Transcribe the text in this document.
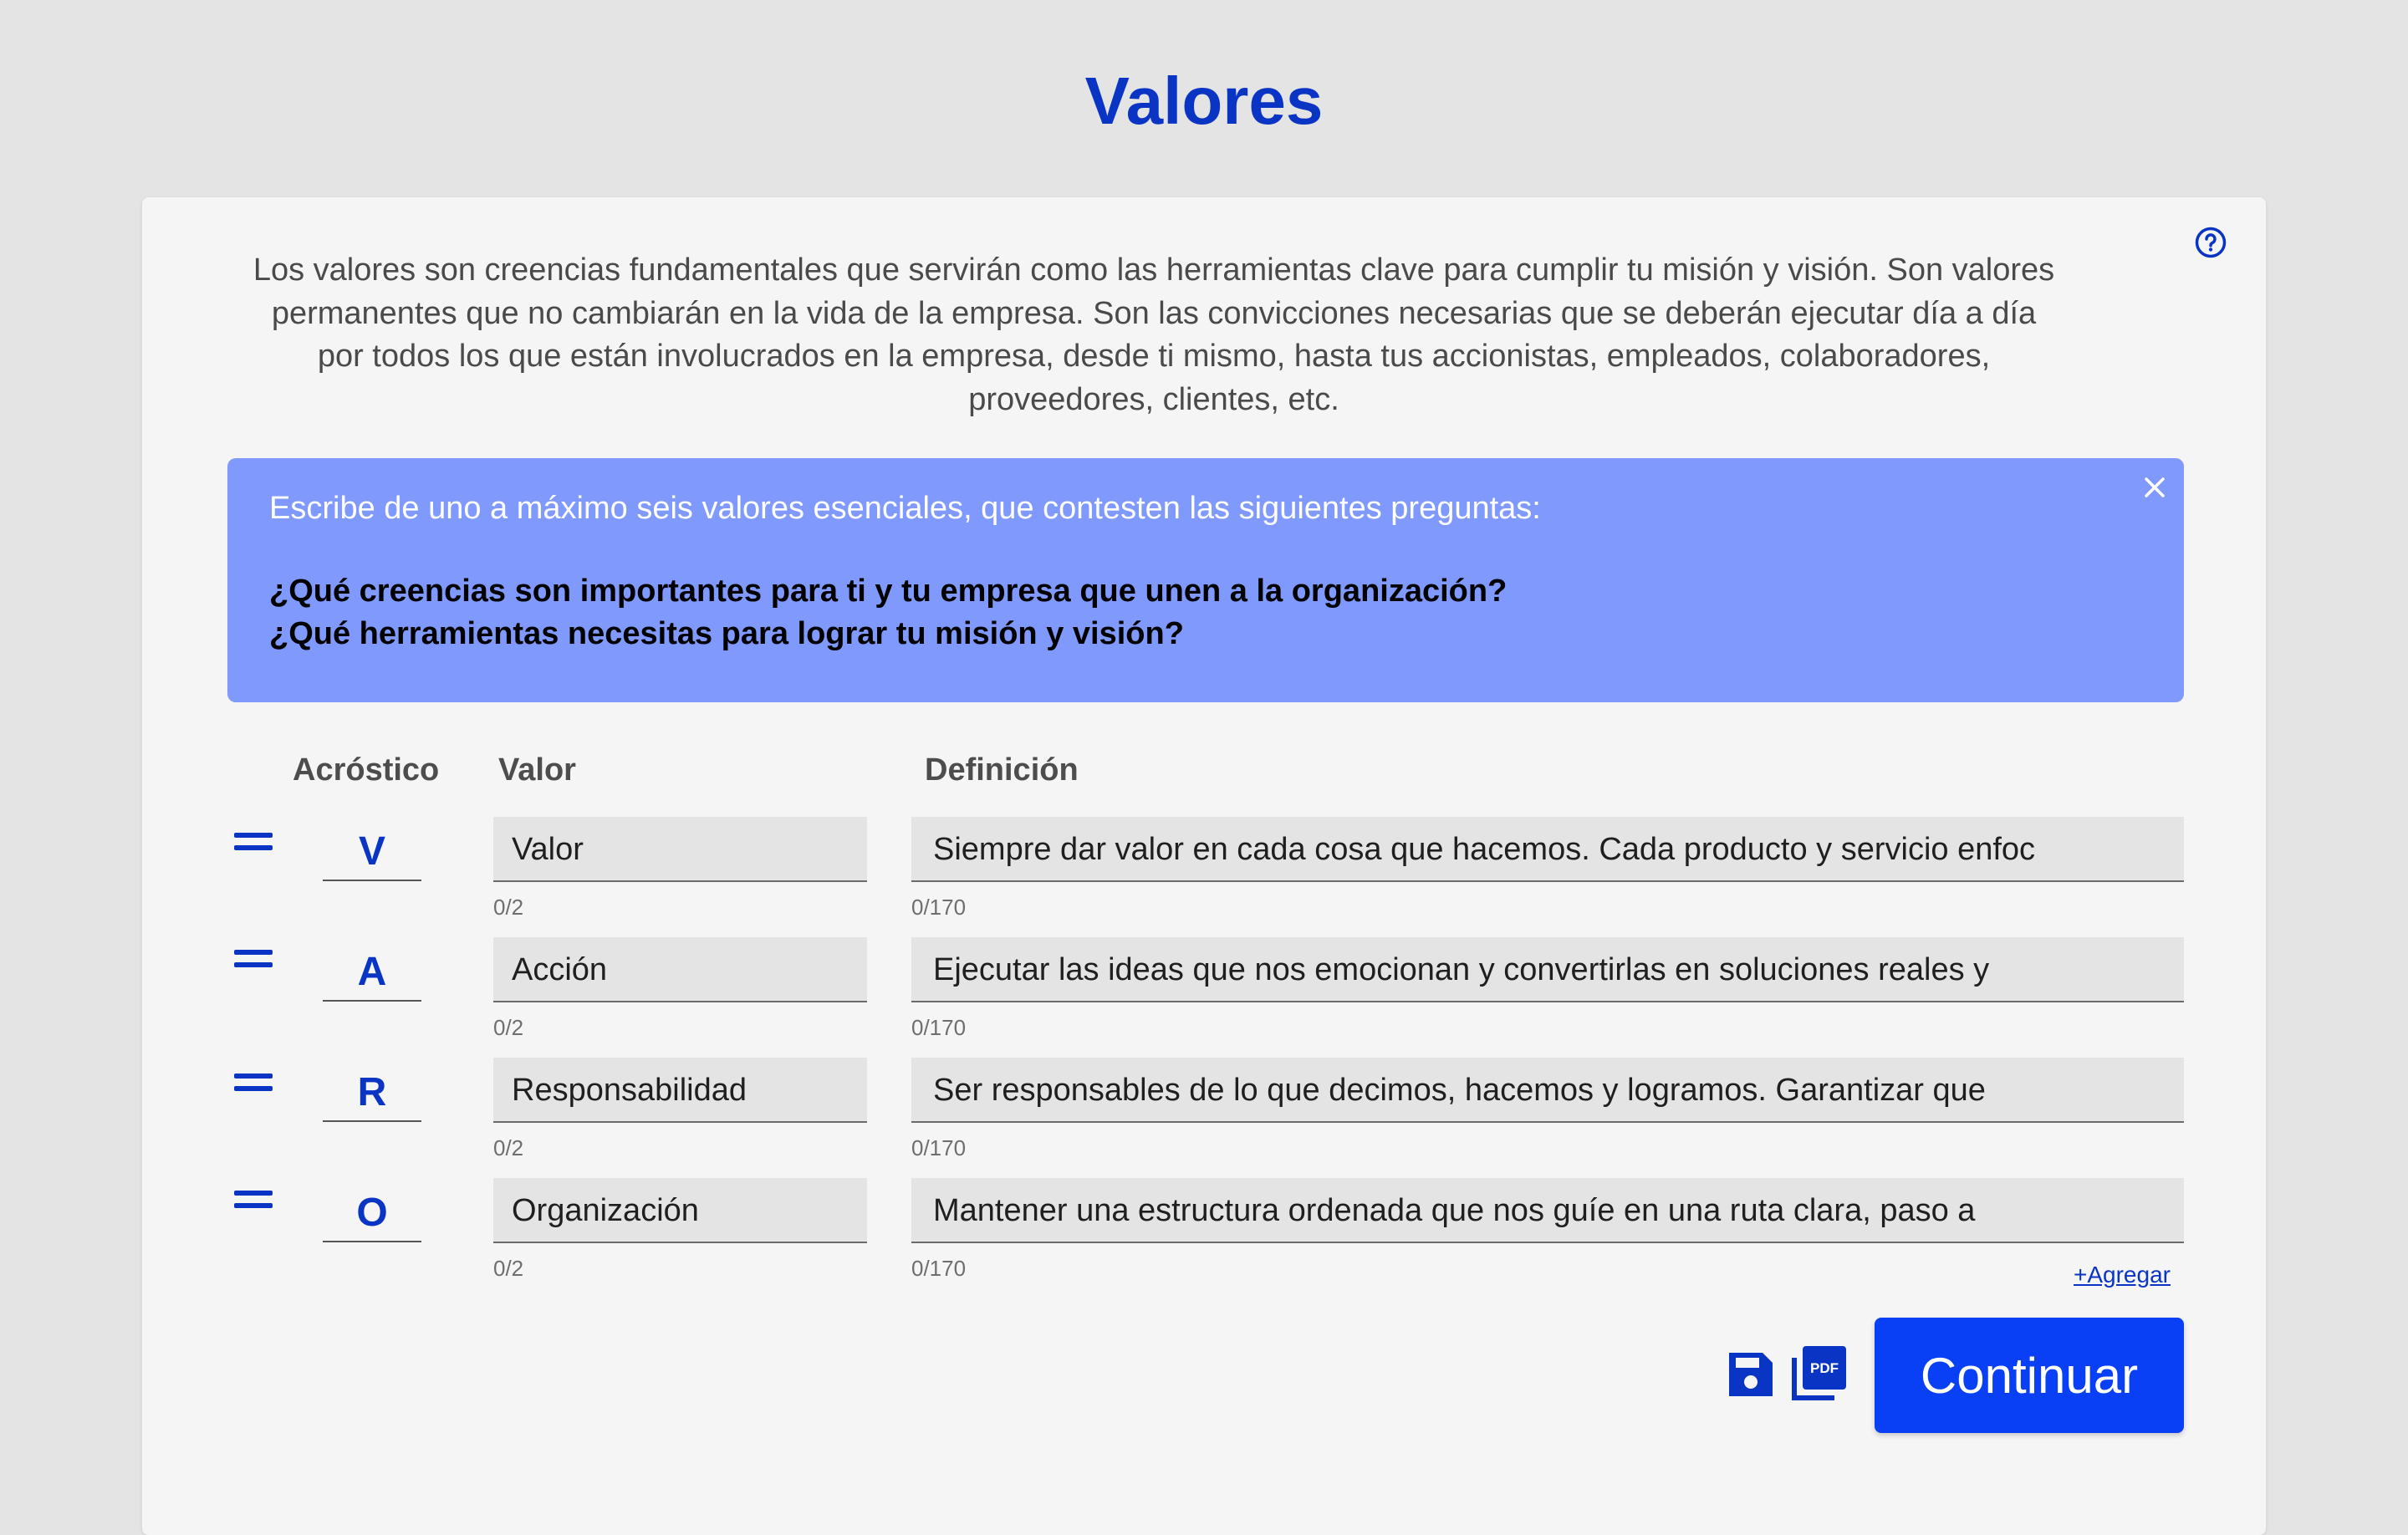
Valores

Los valores son creencias fundamentales que servirán como las herramientas clave para cumplir tu misión y visión. Son valores permanentes que no cambiarán en la vida de la empresa. Son las convicciones necesarias que se deberán ejecutar día a día por todos los que están involucrados en la empresa, desde ti mismo, hasta tus accionistas, empleados, colaboradores, proveedores, clientes, etc.

Escribe de uno a máximo seis valores esenciales, que contesten las siguientes preguntas:
¿Qué creencias son importantes para ti y tu empresa que unen a la organización?
¿Qué herramientas necesitas para lograr tu misión y visión?
Acróstico Valor	Definición
V	Valor	Siempre dar valor en cada cosa que hacemos. Cada producto y servicio enfoc
0/2	0/170
A	Acción	Ejecutar las ideas que nos emocionan y convertirlas en soluciones reales y
0/2	0/170
R	Responsabilidad	Ser responsables de lo que decimos, hacemos y logramos. Garantizar que
0/2	0/170
O	Organización	Mantener una estructura ordenada que nos guíe en una ruta clara, paso a
0/2	0/170	+Agregar
PDF	Continuar
